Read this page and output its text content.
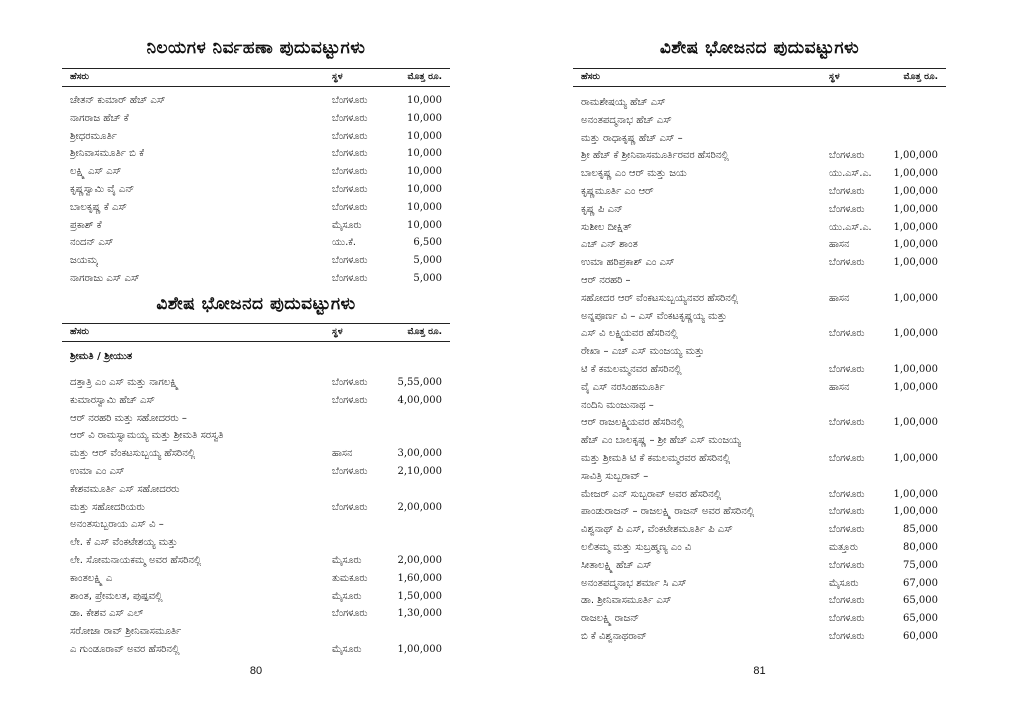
ನಿಲಯಗಳ ನಿರ್ವಹಣಾ ಪುದುವಟ್ಟುಗಳು
ಹೆಸರು	ಸ್ಥಳ	ಮೊತ್ತ ರೂ.
ಚೇತನ್ ಕುಮಾರ್ ಹೆಚ್ ಎಸ್	ಬೆಂಗಳೂರು	10,000
ನಾಗರಾಜ ಹೆಚ್ ಕೆ	ಬೆಂಗಳೂರು	10,000
ಶ್ರೀಧರಮೂರ್ತಿ	ಬೆಂಗಳೂರು	10,000
ಶ್ರೀನಿವಾಸಮೂರ್ತಿ ಬಿ ಕೆ	ಬೆಂಗಳೂರು	10,000
ಲಕ್ಷ್ಮಿ ಎಸ್ ಎಸ್	ಬೆಂಗಳೂರು	10,000
ಕೃಷ್ಣಸ್ವಾಮಿ ವೈ ಎನ್	ಬೆಂಗಳೂರು	10,000
ಬಾಲಕೃಷ್ಣ ಕೆ ಎಸ್	ಬೆಂಗಳೂರು	10,000
ಪ್ರಕಾಶ್ ಕೆ	ಮೈಸೂರು	10,000
ನಂದನ್ ಎಸ್	ಯು.ಕೆ.	6,500
ಜಯಮ್ಮ	ಬೆಂಗಳೂರು	5,000
ನಾಗರಾಜು ಎಸ್ ಎಸ್	ಬೆಂಗಳೂರು	5,000
ವಿಶೇಷ ಭೋಜನದ ಪುದುವಟ್ಟುಗಳು
ಹೆಸರು	ಸ್ಥಳ	ಮೊತ್ತ ರೂ.
ಶ್ರೀಮತಿ / ಶ್ರೀಯುತ
ದತ್ತಾತ್ರಿ ಎಂ ಎಸ್ ಮತ್ತು ನಾಗಲಕ್ಷ್ಮಿ	ಬೆಂಗಳೂರು	5,55,000
ಕುಮಾರಸ್ವಾಮಿ ಹೆಚ್ ಎಸ್	ಬೆಂಗಳೂರು	4,00,000
ಆರ್ ನರಹರಿ ಮತ್ತು ಸಹೋದರರು –
ಆರ್ ವಿ ರಾಮಸ್ವಾಮಯ್ಯ ಮತ್ತು ಶ್ರೀಮತಿ ಸರಸ್ವತಿ
ಮತ್ತು ಆರ್ ವೆಂಕಟಸುಬ್ಬಯ್ಯ ಹೆಸರಿನಲ್ಲಿ	ಹಾಸನ	3,00,000
ಉಮಾ ಎಂ ಎಸ್	ಬೆಂಗಳೂರು	2,10,000
ಕೇಶವಮೂರ್ತಿ ಎಸ್ ಸಹೋದರರು
ಮತ್ತು ಸಹೋದರಿಯರು	ಬೆಂಗಳೂರು	2,00,000
ಅನಂತಸುಬ್ಬರಾಯ ಎಸ್ ವಿ –
ಲೇ. ಕೆ ಎಸ್ ವೆಂಕಟೇಶಯ್ಯ ಮತ್ತು
ಲೇ. ಸೋಮನಾಯಕಮ್ಮ ಅವರ ಹೆಸರಿನಲ್ಲಿ	ಮೈಸೂರು	2,00,000
ಕಾಂತಲಕ್ಷ್ಮಿ ಎ	ತುಮಕೂರು	1,60,000
ಶಾಂತ, ಪ್ರೇಮಲತ, ಪುಷ್ಪವಲ್ಲಿ	ಮೈಸೂರು	1,50,000
ಡಾ. ಕೇಶವ ಎಸ್ ಎಲ್	ಬೆಂಗಳೂರು	1,30,000
ಸರೋಜಾ ರಾವ್ ಶ್ರೀನಿವಾಸಮೂರ್ತಿ
ಎ ಗುಂಡೂರಾವ್ ಅವರ ಹೆಸರಿನಲ್ಲಿ	ಮೈಸೂರು	1,00,000
80
ವಿಶೇಷ ಭೋಜನದ ಪುದುವಟ್ಟುಗಳು
ಹೆಸರು	ಸ್ಥಳ	ಮೊತ್ತ ರೂ.
ರಾಮಶೇಷಯ್ಯ ಹೆಚ್ ಎಸ್
ಅನಂತಪದ್ಮನಾಭ ಹೆಚ್ ಎಸ್
ಮತ್ತು ರಾಧಾಕೃಷ್ಣ ಹೆಚ್ ಎಸ್ –
ಶ್ರೀ ಹೆಚ್ ಕೆ ಶ್ರೀನಿವಾಸಮೂರ್ತಿರವರ ಹೆಸರಿನಲ್ಲಿ	ಬೆಂಗಳೂರು	1,00,000
ಬಾಲಕೃಷ್ಣ ಎಂ ಆರ್ ಮತ್ತು ಜಯ	ಯು.ಎಸ್.ಎ. 1,00,000
ಕೃಷ್ಣಮೂರ್ತಿ ಎಂ ಆರ್	ಬೆಂಗಳೂರು	1,00,000
ಕೃಷ್ಣ ಪಿ ಎನ್	ಬೆಂಗಳೂರು	1,00,000
ಸುಶೀಲ ದೀಕ್ಷಿತ್	ಯು.ಎಸ್.ಎ. 1,00,000
ಎಚ್ ಎನ್ ಶಾಂತ	ಹಾಸನ	1,00,000
ಉಮಾ ಹರಿಪ್ರಕಾಶ್ ಎಂ ಎಸ್	ಬೆಂಗಳೂರು	1,00,000
ಆರ್ ನರಹರಿ –
ಸಹೋದರ ಆರ್ ವೆಂಕಟಸುಬ್ಬಯ್ಯನವರ ಹೆಸರಿನಲ್ಲಿ	ಹಾಸನ	1,00,000
ಅನ್ನಪೂರ್ಣ ವಿ – ಎಸ್ ವೆಂಕಟಕೃಷ್ಣಯ್ಯ ಮತ್ತು
ಎಸ್ ವಿ ಲಕ್ಷ್ಮಿಯವರ ಹೆಸರಿನಲ್ಲಿ	ಬೆಂಗಳೂರು	1,00,000
ರೇಖಾ – ಎಚ್ ಎಸ್ ಮಂಜಯ್ಯ ಮತ್ತು
ಟಿ ಕೆ ಕಮಲಮ್ಮನವರ ಹೆಸರಿನಲ್ಲಿ	ಬೆಂಗಳೂರು	1,00,000
ವೈ ಎಸ್ ನರಸಿಂಹಮೂರ್ತಿ	ಹಾಸನ	1,00,000
ನಂದಿನಿ ಮಂಜುನಾಥ –
ಆರ್ ರಾಜಲಕ್ಷ್ಮಿಯವರ ಹೆಸರಿನಲ್ಲಿ	ಬೆಂಗಳೂರು	1,00,000
ಹೆಚ್ ಎಂ ಬಾಲಕೃಷ್ಣ – ಶ್ರೀ ಹೆಚ್ ಎಸ್ ಮಂಜಯ್ಯ
ಮತ್ತು ಶ್ರೀಮತಿ ಟಿ ಕೆ ಕಮಲಮ್ಮರವರ ಹೆಸರಿನಲ್ಲಿ	ಬೆಂಗಳೂರು	1,00,000
ಸಾವಿತ್ರಿ ಸುಬ್ಬರಾವ್ –
ಮೇಜರ್ ಎನ್ ಸುಬ್ಬರಾವ್ ಅವರ ಹೆಸರಿನಲ್ಲಿ	ಬೆಂಗಳೂರು	1,00,000
ಪಾಂಡುರಾಜನ್ – ರಾಜಲಕ್ಷ್ಮಿ ರಾಜನ್ ಅವರ ಹೆಸರಿನಲ್ಲಿ	ಬೆಂಗಳೂರು	1,00,000
ವಿಶ್ವನಾಥ್ ಪಿ ಎಸ್, ವೆಂಕಟೇಶಮೂರ್ತಿ ಪಿ ಎಸ್	ಬೆಂಗಳೂರು	85,000
ಲಲಿತಮ್ಮ ಮತ್ತು ಸುಬ್ರಹ್ಮಣ್ಯ ಎಂ ವಿ	ಮತ್ತೂರು	80,000
ಸೀತಾಲಕ್ಷ್ಮಿ ಹೆಚ್ ಎಸ್	ಬೆಂಗಳೂರು	75,000
ಅನಂತಪದ್ಮನಾಭ ಶರ್ಮಾ ಸಿ ಎಸ್	ಮೈಸೂರು	67,000
ಡಾ. ಶ್ರೀನಿವಾಸಮೂರ್ತಿ ಎಸ್	ಬೆಂಗಳೂರು	65,000
ರಾಜಲಕ್ಷ್ಮಿ ರಾಜನ್	ಬೆಂಗಳೂರು	65,000
ಬಿ ಕೆ ವಿಶ್ವನಾಥರಾವ್	ಬೆಂಗಳೂರು	60,000
81
